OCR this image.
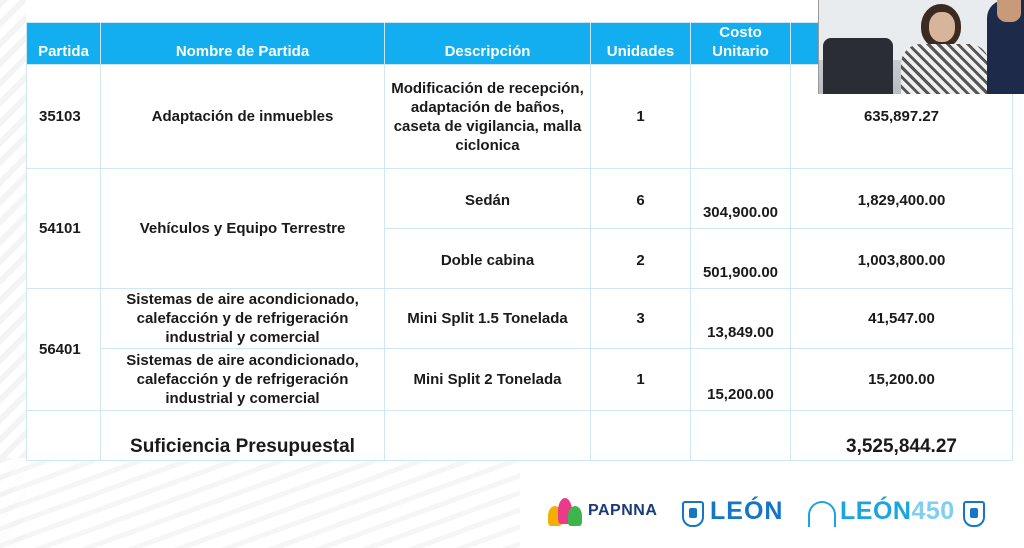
Partida	Nombre de Partida	Descripción	Unidades	Costo
Unitario	
35103	Adaptación de inmuebles	Modificación de recepción, adaptación de baños, caseta de vigilancia, malla ciclonica	1		635,897.27
54101	Vehículos y Equipo Terrestre	Sedán	6	304,900.00	1,829,400.00
		Doble cabina	2	501,900.00	1,003,800.00
56401	Sistemas de aire acondicionado, calefacción y de refrigeración industrial y comercial	Mini Split 1.5 Tonelada	3	13,849.00	41,547.00
	Sistemas de aire acondicionado, calefacción y de refrigeración industrial y comercial	Mini Split 2 Tonelada	1	15,200.00	15,200.00
	Suficiencia Presupuestal				3,525,844.27
PAPNNA
LEÓN
LEÓN450
